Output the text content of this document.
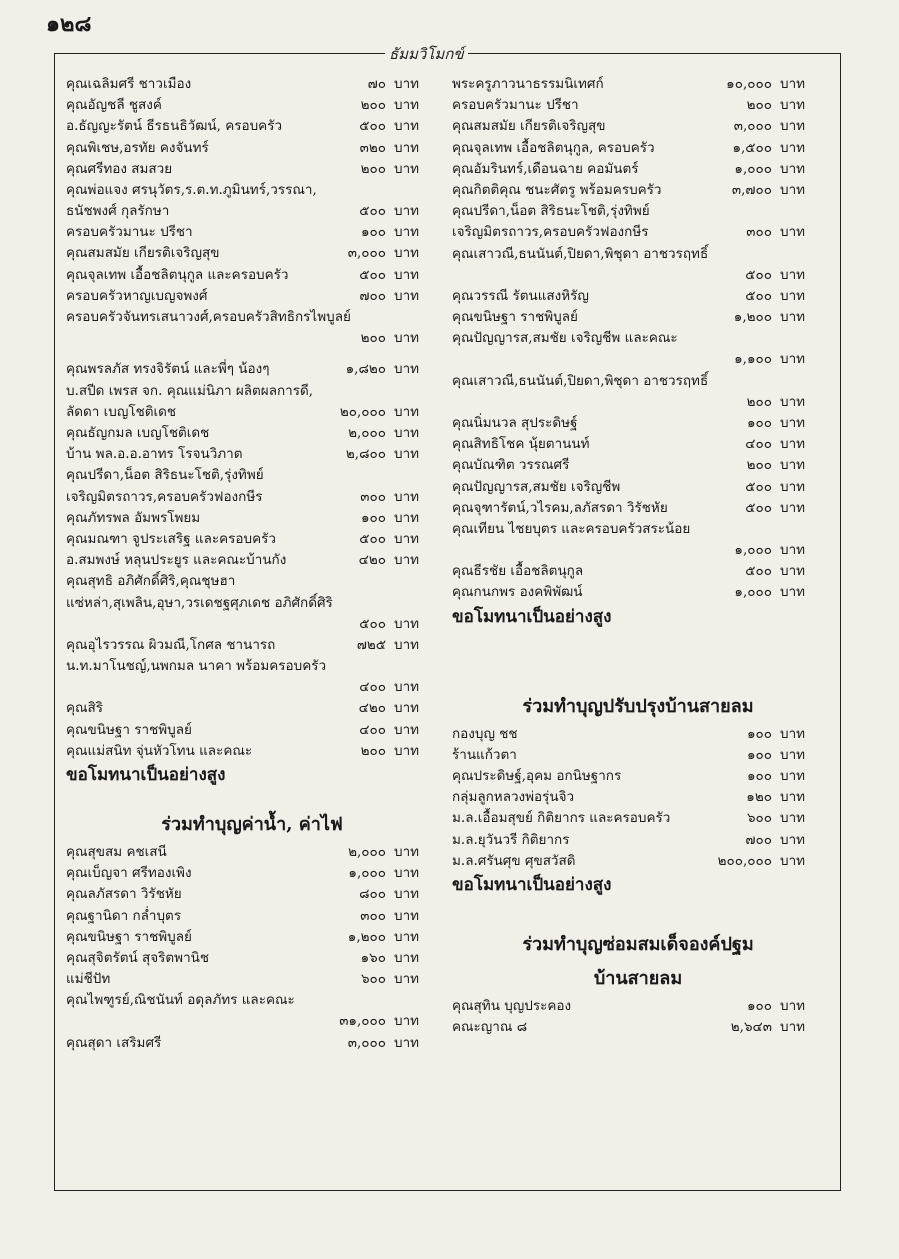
๑๒๘
ธัมมวิโมกข์
คุณเฉลิมศรี ชาวเมือง	๗๐ บาท
คุณอัญชลี ชูสงค์	๒๐๐ บาท
อ.ธัญญะรัตน์ ธีรธนธิวัฒน์, ครอบครัว	๕๐๐ บาท
คุณพิเชษ,อรทัย คงจันทร์	๓๒๐ บาท
คุณศรีทอง สมสวย	๒๐๐ บาท
คุณพ่อแจง ศรนุวัตร,ร.ต.ท.ภูมินทร์,วรรณา,
ธนัชพงศ์ กุลรักษา	๕๐๐ บาท
ครอบครัวมานะ ปรีชา	๑๐๐ บาท
คุณสมสมัย เกียรติเจริญสุข	๓,๐๐๐ บาท
คุณจุลเทพ เอื้อชลิตนุกูล และครอบครัว	๕๐๐ บาท
ครอบครัวหาญเบญจพงศ์	๗๐๐ บาท
ครอบครัวจันทรเสนาวงศ์,ครอบครัวสิทธิกรไพบูลย์
๒๐๐ บาท
คุณพรลภัส ทรงจิรัตน์ และพี่ๆ น้องๆ	๑,๘๒๐ บาท
บ.สปีด เพรส จก. คุณแม่นิภา ผลิตผลการดี,
ลัดดา เบญโชติเดช	๒๐,๐๐๐ บาท
คุณธัญกมล เบญโชติเดช	๒,๐๐๐ บาท
บ้าน พล.อ.อ.อาทร โรจนวิภาต	๒,๘๐๐ บาท
คุณปรีดา,น็อต สิริธนะโชติ,รุ่งทิพย์
เจริญมิตรถาวร,ครอบครัวฟองกษีร	๓๐๐ บาท
คุณภัทรพล อัมพรโพยม	๑๐๐ บาท
คุณมณฑา จูประเสริฐ และครอบครัว	๕๐๐ บาท
อ.สมพงษ์ หลุนประยูร และคณะบ้านกัง	๔๒๐ บาท
คุณสุทธิ อภิศักดิ์ศิริ,คุณชุษฮา
แซ่หล่า,สุเพลิน,อุษา,วรเดชฐศุภเดช อภิศักดิ์ศิริ
๕๐๐ บาท
คุณอุไรวรรณ ผิวมณี,โกศล ชานารถ	๗๒๕ บาท
น.ท.มาโนชญ์,นพกมล นาคา พร้อมครอบครัว
๔๐๐ บาท
คุณสิริ	๔๒๐ บาท
คุณขนิษฐา ราชพิบูลย์	๔๐๐ บาท
คุณแม่สนิท จุ่นหัวโทน และคณะ	๒๐๐ บาท
ขอโมทนาเป็นอย่างสูง
ร่วมทำบุญค่าน้ำ, ค่าไฟ
คุณสุขสม คชเสนี	๒,๐๐๐ บาท
คุณเบ็ญจา ศรีทองเพิง	๑,๐๐๐ บาท
คุณลภัสรดา วิรัชหัย	๘๐๐ บาท
คุณฐานิดา กล่ำบุตร	๓๐๐ บาท
คุณขนิษฐา ราชพิบูลย์	๑,๒๐๐ บาท
คุณสุจิตรัตน์ สุจริตพานิช	๑๖๐ บาท
แม่ชีปัท	๖๐๐ บาท
คุณไพฑูรย์,ณิชนันท์ อดุลภัทร และคณะ
๓๑,๐๐๐ บาท
คุณสุดา เสริมศรี	๓,๐๐๐ บาท
พระครูภาวนาธรรมนิเทศก์	๑๐,๐๐๐ บาท
ครอบครัวมานะ ปรีชา	๒๐๐ บาท
คุณสมสมัย เกียรติเจริญสุข	๓,๐๐๐ บาท
คุณจุลเทพ เอื้อชลิตนุกูล, ครอบครัว	๑,๕๐๐ บาท
คุณอัมรินทร์,เดือนฉาย คอมันตร์	๑,๐๐๐ บาท
คุณกิตติคุณ ชนะศัตรู พร้อมครบครัว	๓,๗๐๐ บาท
คุณปรีดา,น็อต สิริธนะโชติ,รุ่งทิพย์
เจริญมิตรถาวร,ครอบครัวฟองกษีร	๓๐๐ บาท
คุณเสาวณี,ธนนันต์,ปิยดา,พิชุดา อาชวรฤทธิ์
๕๐๐ บาท
คุณวรรณี รัตนแสงหิรัญ	๕๐๐ บาท
คุณขนิษฐา ราชพิบูลย์	๑,๒๐๐ บาท
คุณปัญญารส,สมชัย เจริญชีพ และคณะ
๑,๑๐๐ บาท
คุณเสาวณี,ธนนันต์,ปิยดา,พิชุดา อาชวรฤทธิ์
๒๐๐ บาท
คุณนิ่มนวล สุประดิษฐ์	๑๐๐ บาท
คุณสิทธิโชค นุ้ยตานนท์	๔๐๐ บาท
คุณบัณฑิต วรรณศรี	๒๐๐ บาท
คุณปัญญารส,สมชัย เจริญชีพ	๕๐๐ บาท
คุณจุฑารัตน์,วไรคม,ลภัสรดา วิรัชหัย	๕๐๐ บาท
คุณเทียน ไชยบุตร และครอบครัวสระน้อย
๑,๐๐๐ บาท
คุณธีรชัย เอื้อชลิตนุกูล	๕๐๐ บาท
คุณกนกพร องคพิพัฒน์	๑,๐๐๐ บาท
ขอโมทนาเป็นอย่างสูง
ร่วมทำบุญปรับปรุงบ้านสายลม
กองบุญ ชช	๑๐๐ บาท
ร้านแก้วตา	๑๐๐ บาท
คุณประดิษฐ์,อุคม อกนิษฐากร	๑๐๐ บาท
กลุ่มลูกหลวงพ่อรุ่นจิว	๑๒๐ บาท
ม.ล.เอื้อมสุขย์ กิติยากร และครอบครัว	๖๐๐ บาท
ม.ล.ยุวันวรี กิติยากร	๗๐๐ บาท
ม.ล.ศรันศุข ศุขสวัสดิ	๒๐๐,๐๐๐ บาท
ขอโมทนาเป็นอย่างสูง
ร่วมทำบุญซ่อมสมเด็จองค์ปฐม
บ้านสายลม
คุณสุทิน บุญประคอง	๑๐๐ บาท
คณะญาณ ๘	๒,๖๔๓ บาท
